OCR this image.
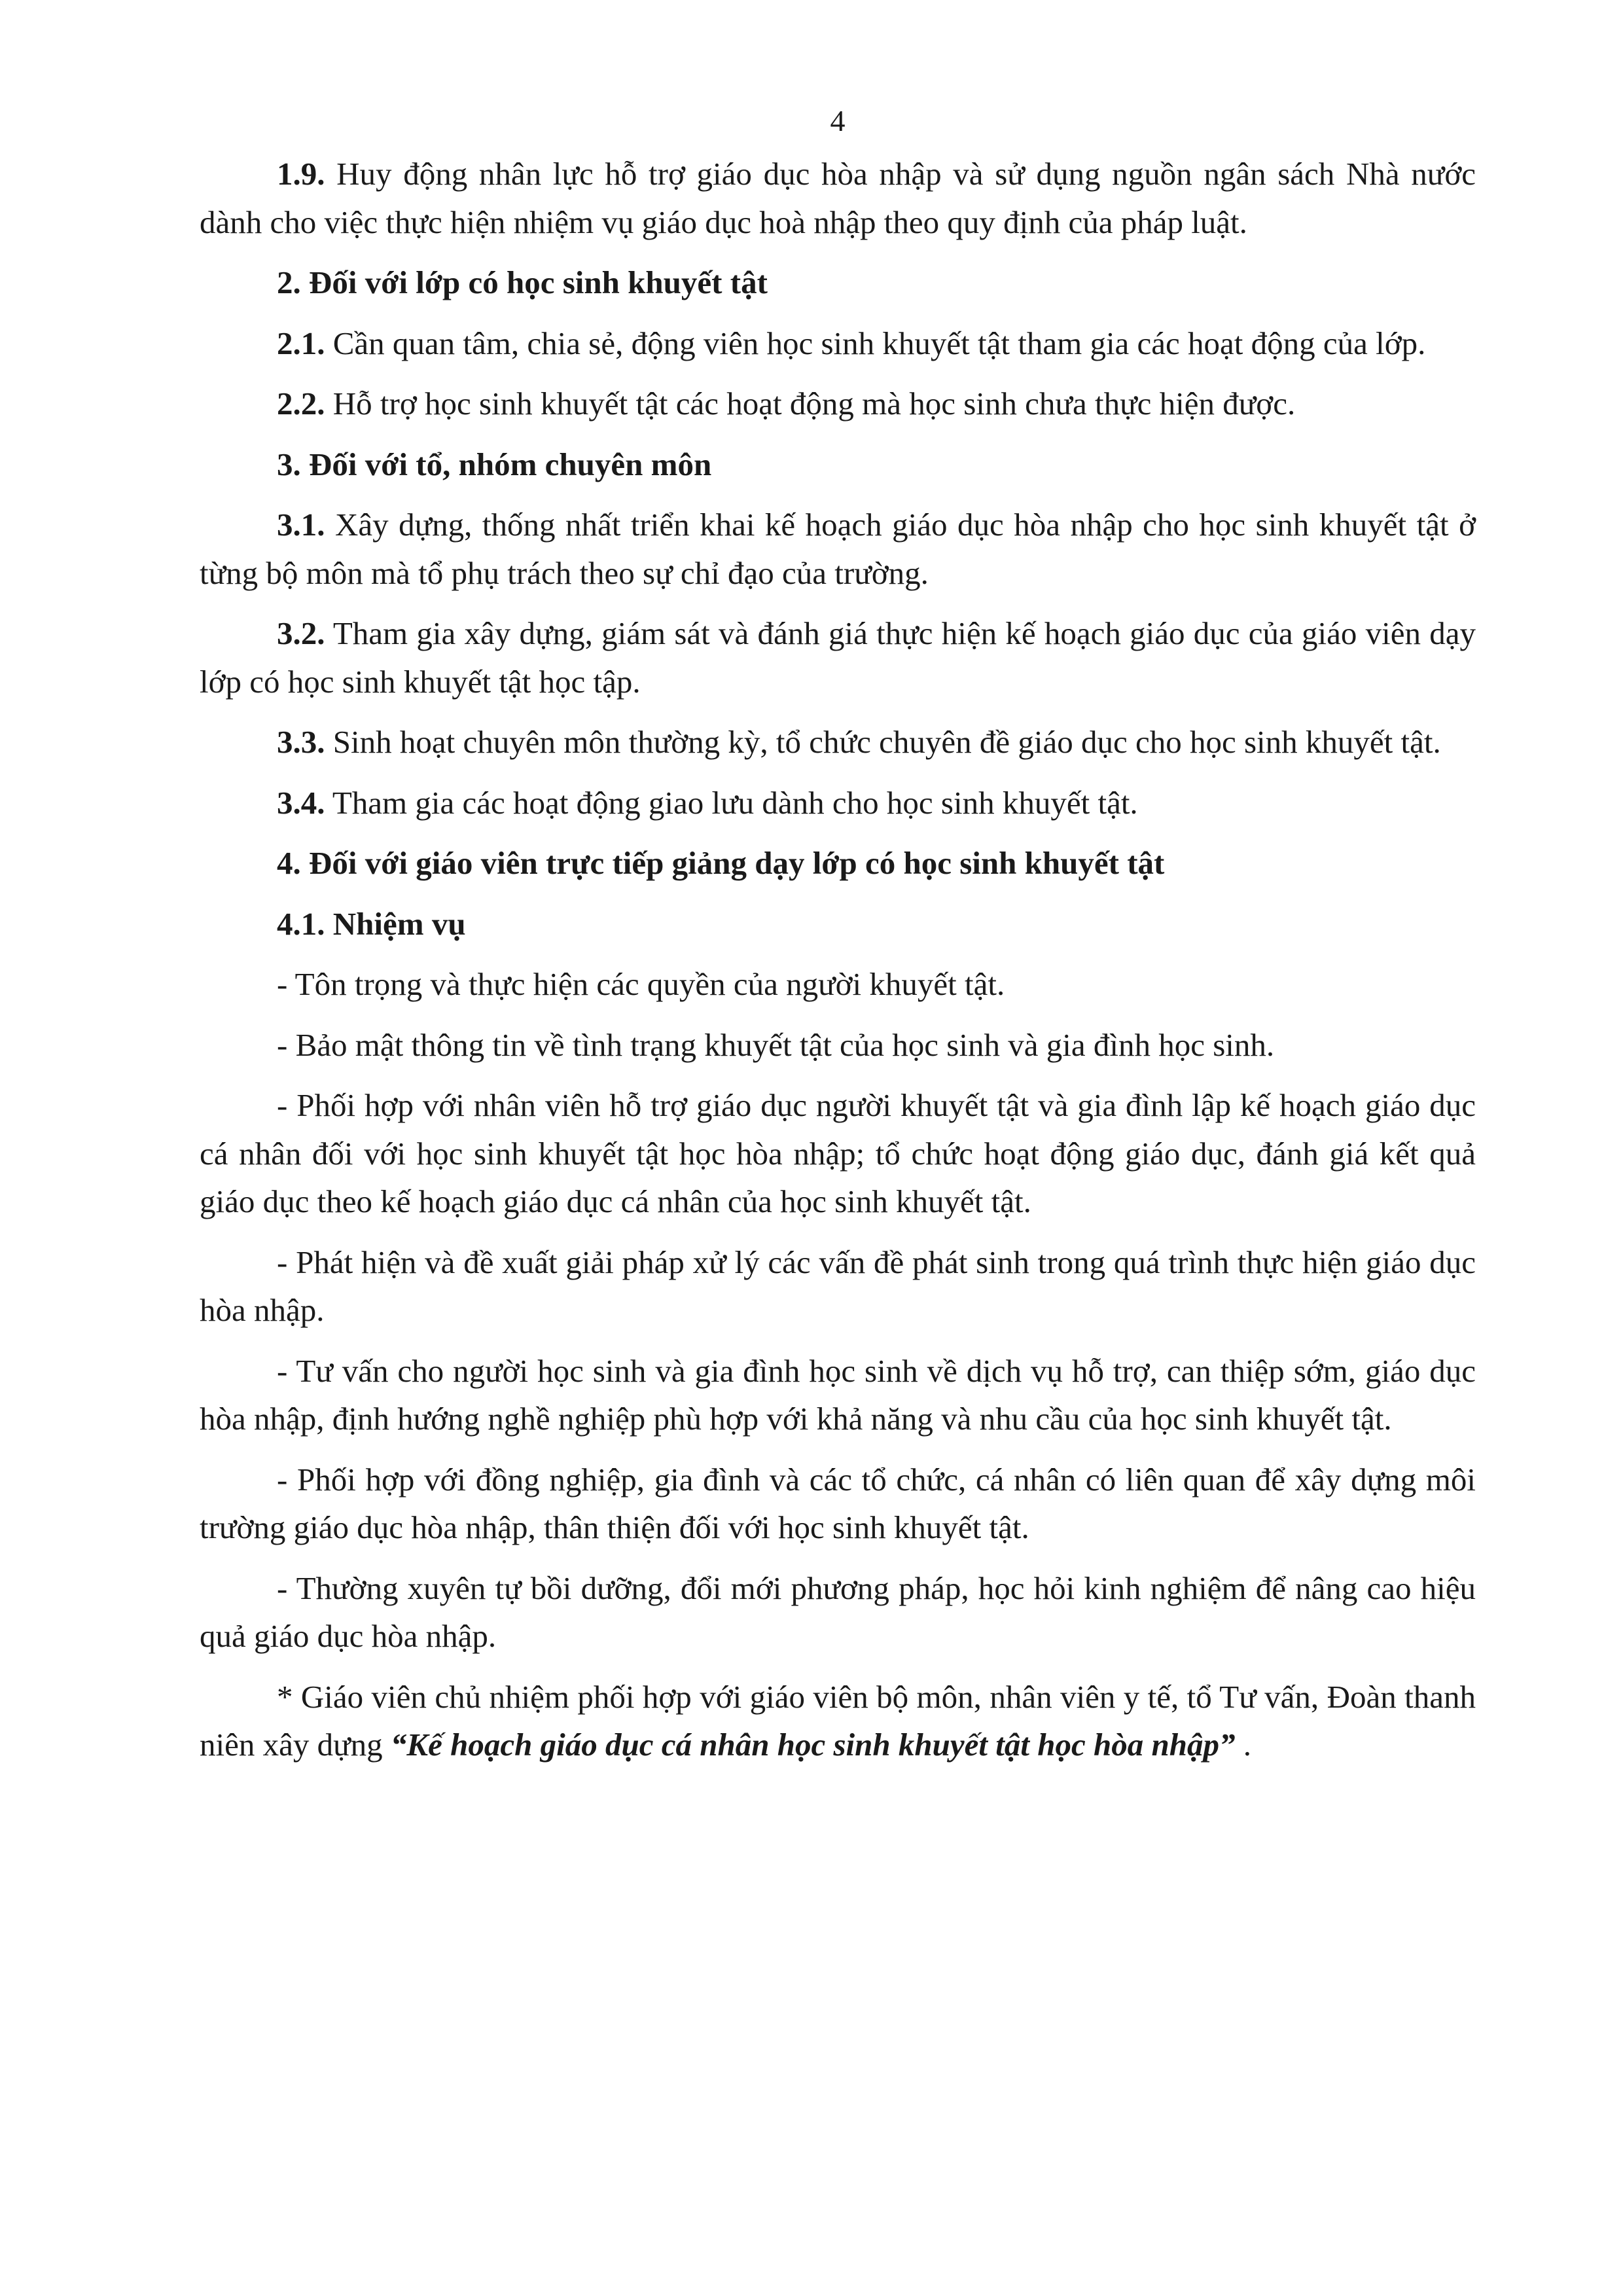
4

1.9. Huy động nhân lực hỗ trợ giáo dục hòa nhập và sử dụng nguồn ngân sách Nhà nước dành cho việc thực hiện nhiệm vụ giáo dục hoà nhập theo quy định của pháp luật.

2. Đối với lớp có học sinh khuyết tật

2.1. Cần quan tâm, chia sẻ, động viên học sinh khuyết tật tham gia các hoạt động của lớp.

2.2. Hỗ trợ học sinh khuyết tật các hoạt động mà học sinh chưa thực hiện được.

3. Đối với tổ, nhóm chuyên môn

3.1. Xây dựng, thống nhất triển khai kế hoạch giáo dục hòa nhập cho học sinh khuyết tật ở từng bộ môn mà tổ phụ trách theo sự chỉ đạo của trường.

3.2. Tham gia xây dựng, giám sát và đánh giá thực hiện kế hoạch giáo dục của giáo viên dạy lớp có học sinh khuyết tật học tập.

3.3. Sinh hoạt chuyên môn thường kỳ, tổ chức chuyên đề giáo dục cho học sinh khuyết tật.

3.4. Tham gia các hoạt động giao lưu dành cho học sinh khuyết tật.

4. Đối với giáo viên trực tiếp giảng dạy lớp có học sinh khuyết tật

4.1. Nhiệm vụ

- Tôn trọng và thực hiện các quyền của người khuyết tật.

- Bảo mật thông tin về tình trạng khuyết tật của học sinh và gia đình học sinh.

- Phối hợp với nhân viên hỗ trợ giáo dục người khuyết tật và gia đình lập kế hoạch giáo dục cá nhân đối với học sinh khuyết tật học hòa nhập; tổ chức hoạt động giáo dục, đánh giá kết quả giáo dục theo kế hoạch giáo dục cá nhân của học sinh khuyết tật.

- Phát hiện và đề xuất giải pháp xử lý các vấn đề phát sinh trong quá trình thực hiện giáo dục hòa nhập.

- Tư vấn cho người học sinh và gia đình học sinh về dịch vụ hỗ trợ, can thiệp sớm, giáo dục hòa nhập, định hướng nghề nghiệp phù hợp với khả năng và nhu cầu của học sinh khuyết tật.

- Phối hợp với đồng nghiệp, gia đình và các tổ chức, cá nhân có liên quan để xây dựng môi trường giáo dục hòa nhập, thân thiện đối với học sinh khuyết tật.

- Thường xuyên tự bồi dưỡng, đổi mới phương pháp, học hỏi kinh nghiệm để nâng cao hiệu quả giáo dục hòa nhập.

* Giáo viên chủ nhiệm phối hợp với giáo viên bộ môn, nhân viên y tế, tổ Tư vấn, Đoàn thanh niên xây dựng “Kế hoạch giáo dục cá nhân học sinh khuyết tật học hòa nhập” .
